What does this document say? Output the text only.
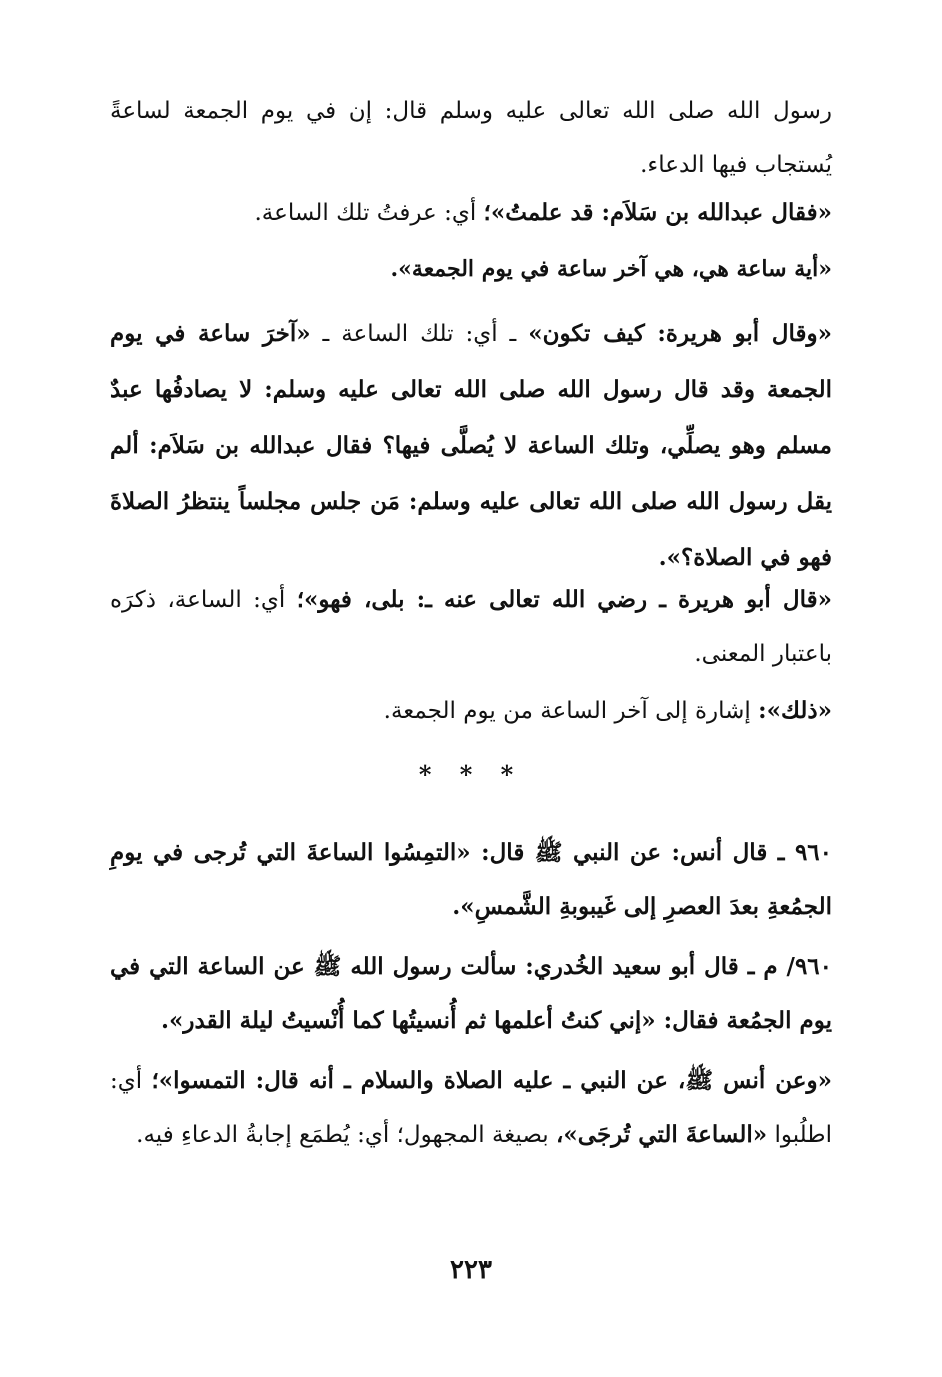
رسول الله صلى الله تعالى عليه وسلم قال: إن في يوم الجمعة لساعةً يُستجاب فيها الدعاء.

«فقال عبدالله بن سَلاَم: قد علمتُ»؛ أي: عرفتُ تلك الساعة.

«أية ساعة هي، هي آخر ساعة في يوم الجمعة».

«وقال أبو هريرة: كيف تكون» ـ أي: تلك الساعة ـ «آخرَ ساعة في يوم الجمعة وقد قال رسول الله صلى الله تعالى عليه وسلم: لا يصادفُها عبدٌ مسلم وهو يصلِّي، وتلك الساعة لا يُصلَّى فيها؟ فقال عبدالله بن سَلاَم: ألم يقل رسول الله صلى الله تعالى عليه وسلم: مَن جلس مجلساً ينتظرُ الصلاةَ فهو في الصلاة؟».

«قال أبو هريرة ـ رضي الله تعالى عنه ـ: بلى، فهو»؛ أي: الساعة، ذكرَه باعتبار المعنى.

«ذلك»: إشارة إلى آخر الساعة من يوم الجمعة.

* * *

٩٦٠ ـ قال أنس: عن النبي ﷺ قال: «التمِسُوا الساعةَ التي تُرجى في يومِ الجمُعةِ بعدَ العصرِ إلى غَيبوبةِ الشَّمسِ».

٩٦٠/ م ـ قال أبو سعيد الخُدري: سألت رسول الله ﷺ عن الساعة التي في يوم الجمُعة فقال: «إني كنتُ أعلمها ثم أُنسيتُها كما أُنْسيتُ ليلة القدر».

«وعن أنس ﷺ، عن النبي ـ عليه الصلاة والسلام ـ أنه قال: التمسوا»؛ أي: اطلُبوا «الساعةَ التي تُرجَى»، بصيغة المجهول؛ أي: يُطمَع إجابةُ الدعاءِ فيه.

٢٢٣
